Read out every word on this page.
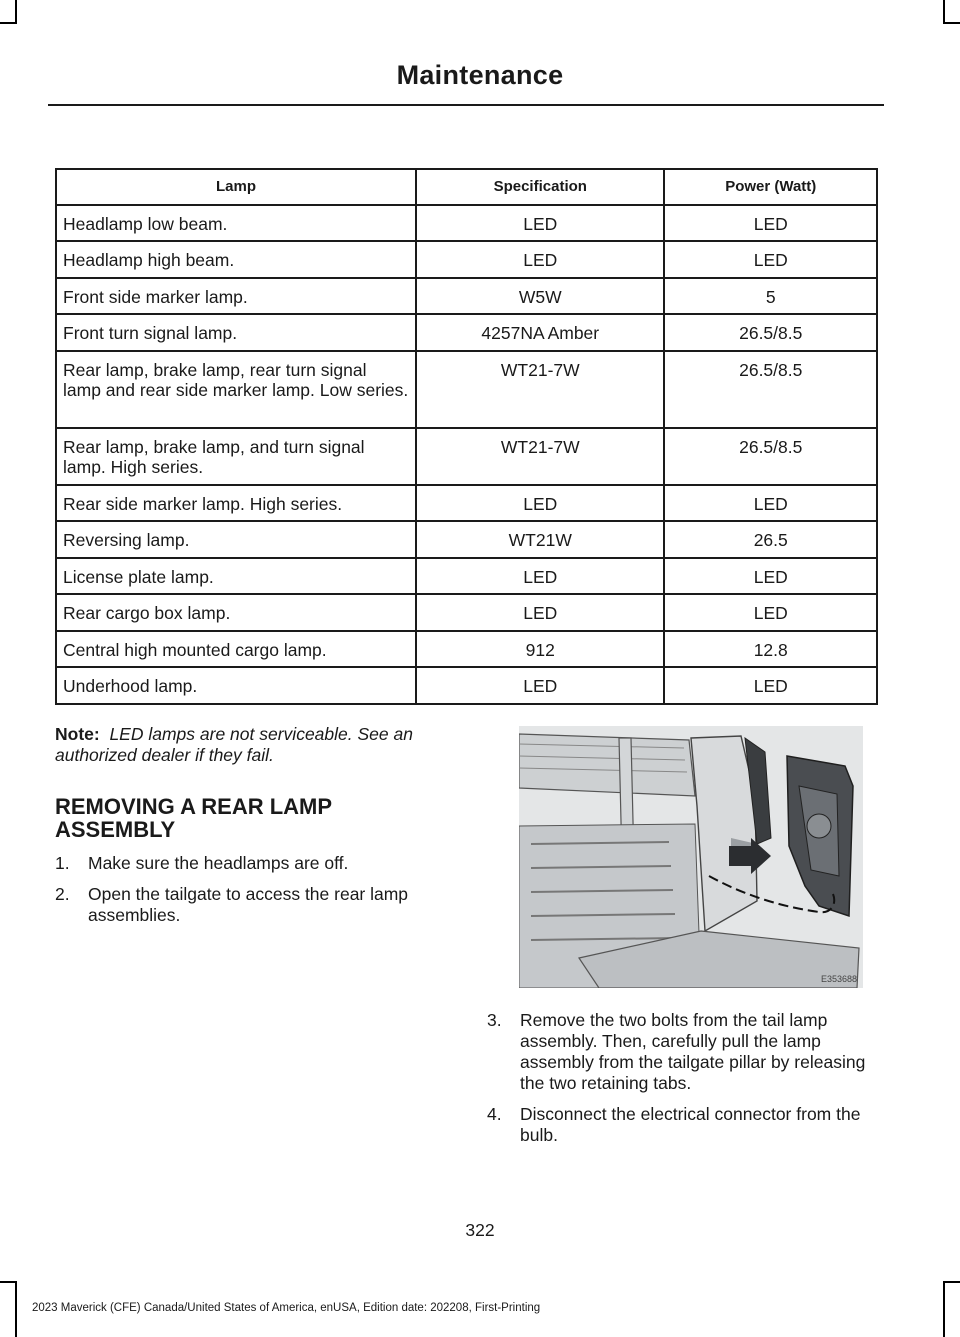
Maintenance
Lamp	Specification	Power (Watt)
Headlamp low beam.	LED	LED
Headlamp high beam.	LED	LED
Front side marker lamp.	W5W	5
Front turn signal lamp.	4257NA Amber	26.5/8.5
Rear lamp, brake lamp, rear turn signal lamp and rear side marker lamp. Low series.	WT21-7W	26.5/8.5
Rear lamp, brake lamp, and turn signal lamp. High series.	WT21-7W	26.5/8.5
Rear side marker lamp. High series.	LED	LED
Reversing lamp.	WT21W	26.5
License plate lamp.	LED	LED
Rear cargo box lamp.	LED	LED
Central high mounted cargo lamp.	912	12.8
Underhood lamp.	LED	LED
Note: LED lamps are not serviceable. See an authorized dealer if they fail.
REMOVING A REAR LAMP ASSEMBLY
1. Make sure the headlamps are off.
2. Open the tailgate to access the rear lamp assemblies.
E353688
3. Remove the two bolts from the tail lamp assembly. Then, carefully pull the lamp assembly from the tailgate pillar by releasing the two retaining tabs.
4. Disconnect the electrical connector from the bulb.
322
2023 Maverick (CFE) Canada/United States of America, enUSA, Edition date: 202208, First-Printing
